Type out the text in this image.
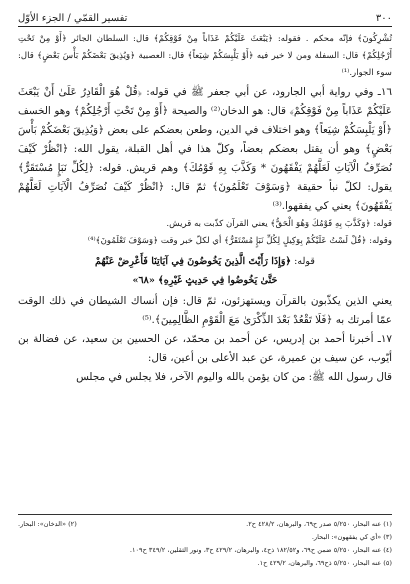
٣٠٠
تفسير القمّي / الجزء الأوّل

تُشْرِكُونَ﴾ فإنّه محكم . فقوله: ﴿يَبْعَثَ عَلَيْكُمْ عَذَاباً مِنْ فَوْقِكُمْ﴾ قال: السلطان الجائر ﴿أَوْ مِنْ تَحْتِ أَرْجُلِكُمْ﴾ قال: السفلة ومن لا خير فيه ﴿أَوْ يَلْبِسَكُمْ شِيَعاً﴾ قال: العصبية ﴿وَيُذِيقَ بَعْضَكُمْ بَأْسَ بَعْضٍ﴾ قال: سوء الجوار.⁽¹⁾

١٦ـ وفي رواية أبي الجارود، عن أبي جعفر ﷺ في قوله: ﴿قُلْ هُوَ الْقَادِرُ عَلَىٰ أَنْ يَبْعَثَ عَلَيْكُمْ عَذَاباً مِنْ فَوْقِكُمْ﴾ قال: هو الدخان⁽²⁾ والصيحة ﴿أَوْ مِنْ تَحْتِ أَرْجُلِكُمْ﴾ وهو الخسف ﴿أَوْ يَلْبِسَكُمْ شِيَعاً﴾ وهو اختلاف في الدين، وطعن بعضكم على بعض ﴿وَيُذِيقَ بَعْضَكُمْ بَأْسَ بَعْضٍ﴾ وهو أن يقتل بعضكم بعضاً، وكلّ هذا في أهل القبلة، يقول الله: ﴿انْظُرْ كَيْفَ نُصَرِّفُ الْآيَاتِ لَعَلَّهُمْ يَفْقَهُونَ * وَكَذَّبَ بِهِ قَوْمُكَ﴾ وهم قريش. قوله: ﴿لِكُلِّ نَبَإٍ مُسْتَقَرٌّ﴾ يقول: لكلّ نبأ حقيقة ﴿وَسَوْفَ تَعْلَمُونَ﴾ ثمّ قال: ﴿انْظُرْ كَيْفَ نُصَرِّفُ الْآيَاتِ لَعَلَّهُمْ يَفْقَهُونَ﴾ يعني كي يفقهوا.⁽³⁾

قوله: ﴿وَكَذَّبَ بِهِ قَوْمُكَ وَهُوَ الْحَقُّ﴾ يعني القرآن كذّبت به قريش.

وقوله: ﴿قُلْ لَسْتُ عَلَيْكُمْ بِوَكِيلٍ لِكُلِّ نَبَإٍ مُسْتَقَرٌّ﴾ أي لكلّ خبر وقت ﴿وَسَوْفَ تَعْلَمُونَ﴾⁽⁴⁾

قوله: ﴿وَإِذَا رَأَيْتَ الَّذِينَ يَخُوضُونَ فِي آيَاتِنَا فَأَعْرِضْ عَنْهُمْ
حَتَّىٰ يَخُوضُوا فِي حَدِيثٍ غَيْرِهِ﴾ «٦٨»

يعني الذين يكذّبون بالقرآن ويستهزئون، ثمّ قال: فإن أنساك الشيطان في ذلك الوقت عمّا أمرتك به ﴿فَلَا تَقْعُدْ بَعْدَ الذِّكْرَىٰ مَعَ الْقَوْمِ الظَّالِمِينَ﴾.⁽⁵⁾

١٧ـ أخبرنا أحمد بن إدريس، عن أحمد بن محمّد، عن الحسين بن سعيد، عن فضالة بن أيّوب، عن سيف بن عميرة، عن عبد الأعلى بن أعين، قال:

قال رسول الله ﷺ: من كان يؤمن بالله واليوم الآخر، فلا يجلس في مجلس

(١) عنه البحار، ٥/٢٥٠ صدر ح٦٩، والبرهان، ٤٢٨/٢ ح٢.
(٢) «الدخان»: البحار.
(٣) «أي كي يفقهون»: البحار.
(٤) عنه البحار، ٥/٢٥٠ ضمن ح٦٩، و١٨٢/٥٢ ذح٤، والبرهان، ٤٢٩/٢ ح٣، ونور الثقلين، ٣٤٩/٢ ح١٠٩.
(٥) عنه البحار، ٥/٢٥٠ ذح٦٩، والبرهان، ٤٢٩/٢ ح١.
